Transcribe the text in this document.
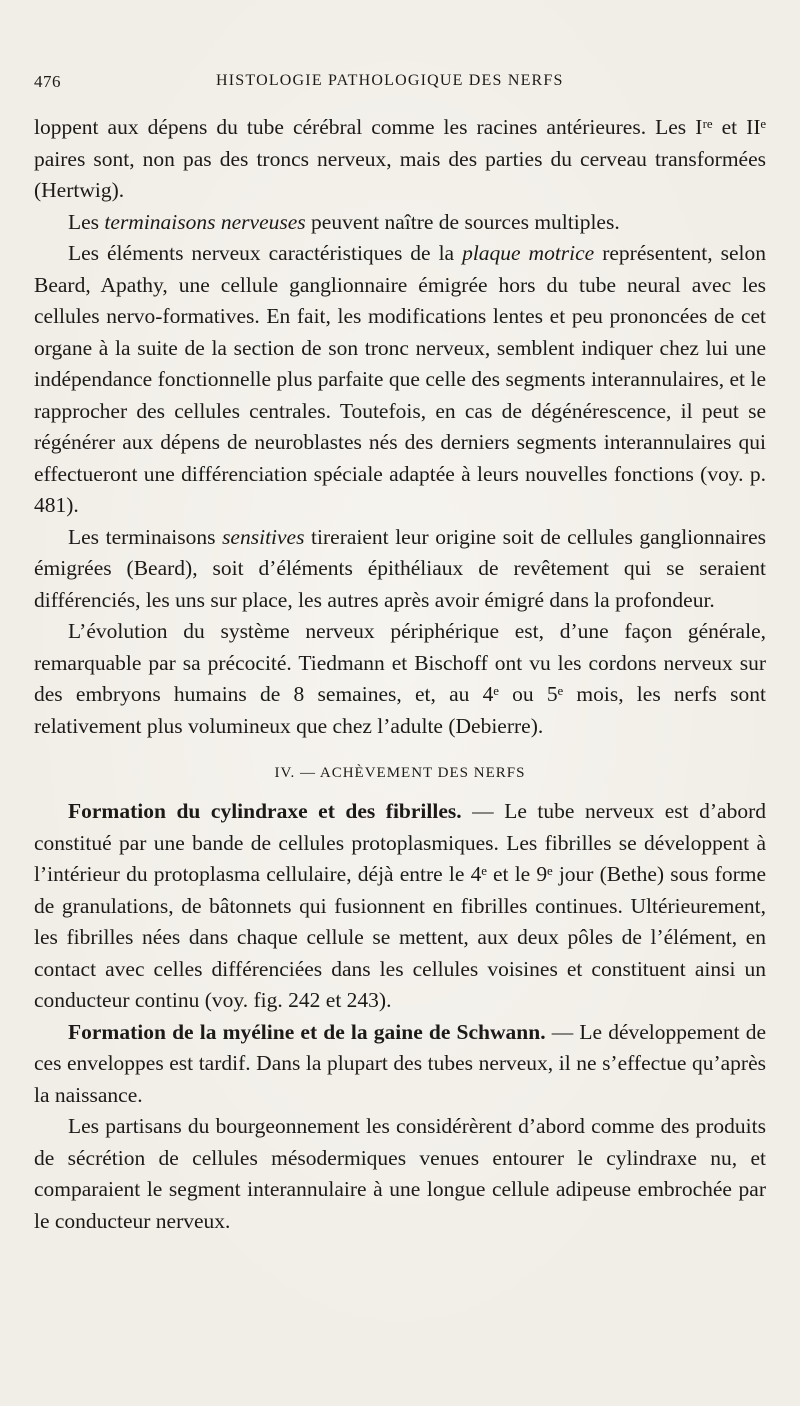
476	HISTOLOGIE PATHOLOGIQUE DES NERFS

loppent aux dépens du tube cérébral comme les racines antérieures. Les Iʳᵉ et IIᵉ paires sont, non pas des troncs nerveux, mais des parties du cerveau transformées (Hertwig).

Les terminaisons nerveuses peuvent naître de sources multiples.

Les éléments nerveux caractéristiques de la plaque motrice représentent, selon Beard, Apathy, une cellule ganglionnaire émigrée hors du tube neural avec les cellules nervo-formatives. En fait, les modifications lentes et peu prononcées de cet organe à la suite de la section de son tronc nerveux, semblent indiquer chez lui une indépendance fonctionnelle plus parfaite que celle des segments interannulaires, et le rapprocher des cellules centrales. Toutefois, en cas de dégénérescence, il peut se régénérer aux dépens de neuroblastes nés des derniers segments interannulaires qui effectueront une différenciation spéciale adaptée à leurs nouvelles fonctions (voy. p. 481).

Les terminaisons sensitives tireraient leur origine soit de cellules ganglionnaires émigrées (Beard), soit d’éléments épithéliaux de revêtement qui se seraient différenciés, les uns sur place, les autres après avoir émigré dans la profondeur.

L’évolution du système nerveux périphérique est, d’une façon générale, remarquable par sa précocité. Tiedmann et Bischoff ont vu les cordons nerveux sur des embryons humains de 8 semaines, et, au 4ᵉ ou 5ᵉ mois, les nerfs sont relativement plus volumineux que chez l’adulte (Debierre).

IV. — ACHÈVEMENT DES NERFS

Formation du cylindraxe et des fibrilles. — Le tube nerveux est d’abord constitué par une bande de cellules protoplasmiques. Les fibrilles se développent à l’intérieur du protoplasma cellulaire, déjà entre le 4ᵉ et le 9ᵉ jour (Bethe) sous forme de granulations, de bâtonnets qui fusionnent en fibrilles continues. Ultérieurement, les fibrilles nées dans chaque cellule se mettent, aux deux pôles de l’élément, en contact avec celles différenciées dans les cellules voisines et constituent ainsi un conducteur continu (voy. fig. 242 et 243).

Formation de la myéline et de la gaine de Schwann. — Le développement de ces enveloppes est tardif. Dans la plupart des tubes nerveux, il ne s’effectue qu’après la naissance.

Les partisans du bourgeonnement les considérèrent d’abord comme des produits de sécrétion de cellules mésodermiques venues entourer le cylindraxe nu, et comparaient le segment interannulaire à une longue cellule adipeuse embrochée par le conducteur nerveux.
